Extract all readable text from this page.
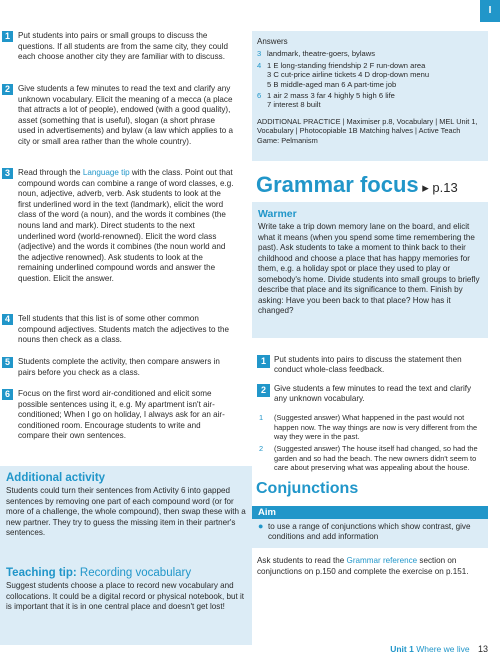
I
1 Put students into pairs or small groups to discuss the questions. If all students are from the same city, they could each choose another city they are familiar with to discuss.
2 Give students a few minutes to read the text and clarify any unknown vocabulary. Elicit the meaning of a mecca (a place that attracts a lot of people), endowed (with a good quality), asset (something that is useful), slogan (a short phrase used in advertisements) and bylaw (a law which applies to a city or small area rather than the whole country).
3 Read through the Language tip with the class. Point out that compound words can combine a range of word classes, e.g. noun, adjective, adverb, verb. Ask students to look at the first underlined word in the text (landmark), elicit the word class of the word (a noun), and the words it combines (the nouns land and mark). Direct students to the next underlined word (world-renowned). Elicit the word class (adjective) and the words it combines (the noun world and the adjective renowned). Ask students to look at the remaining underlined compound words and answer the question. Elicit the answer.
4 Tell students that this list is of some other common compound adjectives. Students match the adjectives to the nouns then check as a class.
5 Students complete the activity, then compare answers in pairs before you check as a class.
6 Focus on the first word air-conditioned and elicit some possible sentences using it, e.g. My apartment isn't air-conditioned; When I go on holiday, I always ask for an air-conditioned room. Encourage students to write and compare their own sentences.
Additional activity

Students could turn their sentences from Activity 6 into gapped sentences by removing one part of each compound word (or for more of a challenge, the whole compound), then swap these with a new partner. They try to guess the missing item in their partner's sentences.

Teaching tip: Recording vocabulary

Suggest students choose a place to record new vocabulary and collocations. It could be a digital record or physical notebook, but it is important that it is in one central place and doesn't get lost!

Answers
3 landmark, theatre-goers, bylaws
4 1 E long-standing friendship 2 F run-down area
3 C cut-price airline tickets 4 D drop-down menu
5 B middle-aged man 6 A part-time job
6 1 air 2 mass 3 far 4 highly 5 high 6 life
7 interest 8 built
ADDITIONAL PRACTICE | Maximiser p.8, Vocabulary | MEL Unit 1, Vocabulary | Photocopiable 1B Matching halves | Active Teach Game: Pelmanism
Grammar focus ▸ p.13
Warmer
Write take a trip down memory lane on the board, and elicit what it means (when you spend some time remembering the past). Ask students to take a moment to think back to their childhood and choose a place that has happy memories for them, e.g. a holiday spot or place they used to play or somebody's home. Divide students into small groups to briefly describe that place and its significance to them. Finish by asking: Have you been back to that place? How has it changed?
1 Put students into pairs to discuss the statement then conduct whole-class feedback.
2 Give students a few minutes to read the text and clarify any unknown vocabulary.
1 (Suggested answer) What happened in the past would not happen now. The way things are now is very different from the way they were in the past.
2 (Suggested answer) The house itself had changed, so had the garden and so had the beach. The new owners didn't seem to care about preserving what was appealing about the house.
Conjunctions
Aim
● to use a range of conjunctions which show contrast, give conditions and add information
Ask students to read the Grammar reference section on conjunctions on p.150 and complete the exercise on p.151.
Unit 1 Where we live 13
